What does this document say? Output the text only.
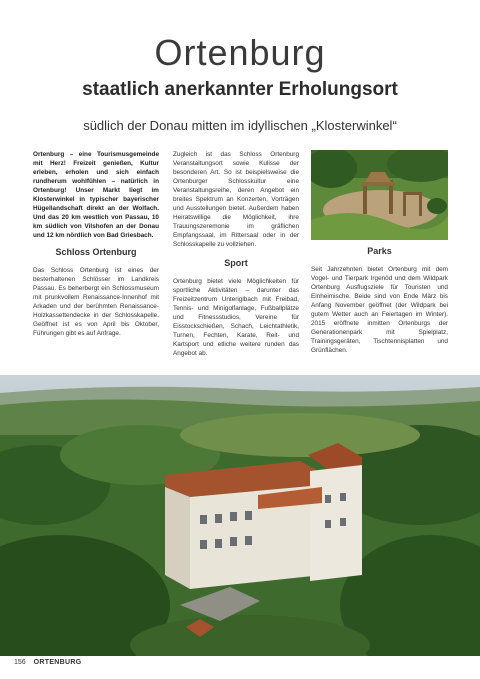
Ortenburg
staatlich anerkannter Erholungsort
südlich der Donau mitten im idyllischen „Klosterwinkel“

Ortenburg – eine Tourismusgemeinde mit Herz! Freizeit genießen, Kultur erleben, erholen und sich einfach rundherum wohlfühlen – natürlich in Ortenburg! Unser Markt liegt im Klosterwinkel in typischer bayerischer Hügellandschaft direkt an der Wolfach. Und das 20 km westlich von Passau, 10 km südlich von Vilshofen an der Donau und 12 km nördlich von Bad Griesbach.

Schloss Ortenburg

Das Schloss Ortenburg ist eines der besterhaltenen Schlösser im Landkreis Passau. Es beherbergt ein Schlossmuseum mit prunkvollem Renaissance-Innenhof mit Arkaden und der berühmten Renaissance-Holzkassettendecke in der Schlosskapelle. Geöffnet ist es von April bis Oktober, Führungen gibt es auf Anfrage.

Zugleich ist das Schloss Ortenburg Veranstaltungsort sowie Kulisse der besonderen Art. So ist beispielsweise die Ortenburger Schlosskultur eine Veranstaltungsreihe, deren Angebot ein breites Spektrum an Konzerten, Vorträgen und Ausstellungen bietet. Außerdem haben Heiratswillige die Möglichkeit, ihre Trauungszeremonie im gräflichen Empfangssaal, im Rittersaal oder in der Schlosskapelle zu vollziehen.

Sport

Ortenburg bietet viele Möglichkeiten für sportliche Aktivitäten – darunter das Freizeitzentrum Unteriglbach mit Freibad, Tennis- und Minigolfanlage, Fußballplätze und Fitnessstudios, Vereine für Eisstockschießen, Schach, Leichtathletik, Turnen, Fechten, Karate, Reit- und Kartsport und etliche weitere runden das Angebot ab.

Parks

Seit Jahrzehnten bietet Ortenburg mit dem Vogel- und Tierpark Irgenöd und dem Wildpark Ortenburg Ausflugsziele für Touristen und Einheimische. Beide sind von Ende März bis Anfang November geöffnet (der Wildpark bei gutem Wetter auch an Feiertagen im Winter). 2015 eröffnete inmitten Ortenburgs der Generationenpark mit Spielplatz, Trainingsgeräten, Tischtennisplatten und Grünflächen.

156 ORTENBURG
